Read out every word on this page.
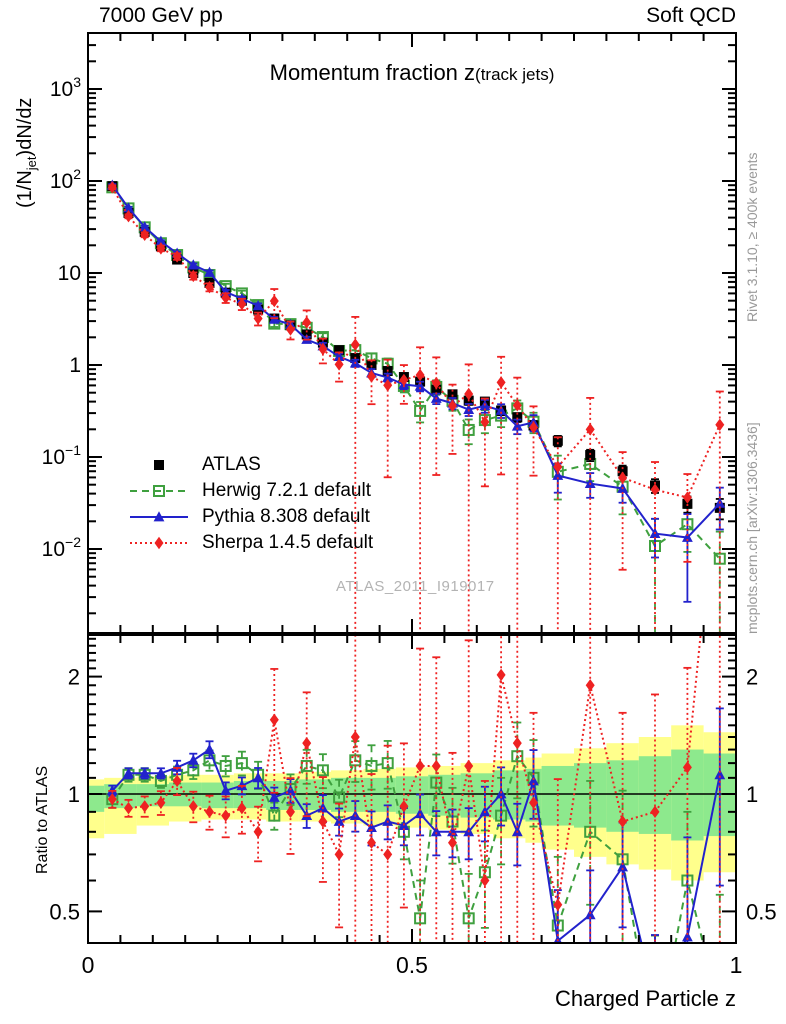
$10^3$
$10^2$
10
1
$10^{-1}$
$10^{-2}$
0.5	0.5
1	1
2	2
0	0.5	1
7000 GeV pp	Soft QCD
Momentum fraction z(track jets)
$(1/N_{jet})dN/dz$
Ratio to ATLAS
Rivet 3.1.10, ≥ 400k events
mcplots.cern.ch [arXiv:1306.3436]
Charged Particle z
ATLAS_2011_I919017
ATLAS
Herwig 7.2.1 default
Pythia 8.308 default
Sherpa 1.4.5 default
